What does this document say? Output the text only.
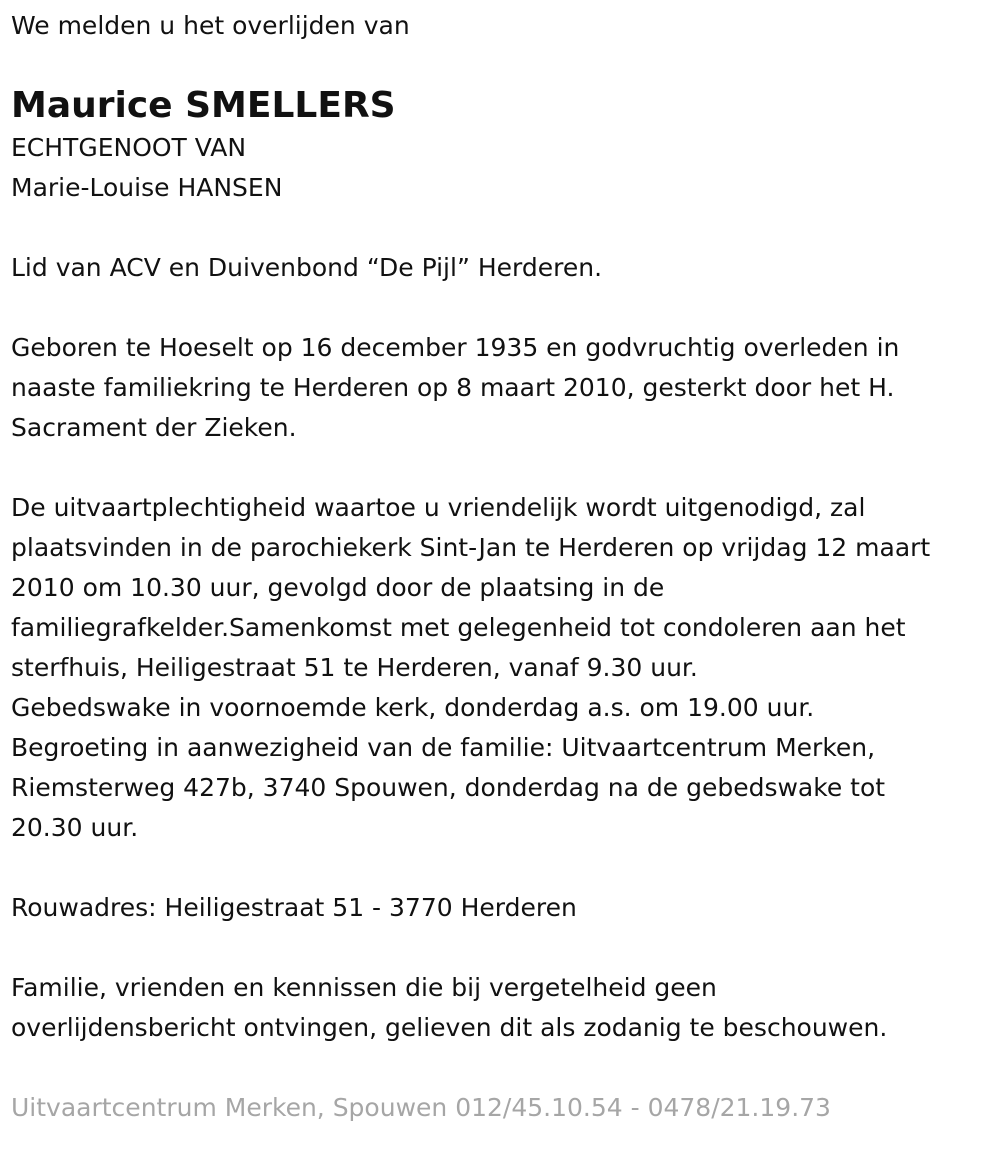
We melden u het overlijden van
Maurice SMELLERS
ECHTGENOOT VAN
Marie-Louise HANSEN
Lid van ACV en Duivenbond “De Pijl” Herderen.
Geboren te Hoeselt op 16 december 1935 en godvruchtig overleden in
naaste familiekring te Herderen op 8 maart 2010, gesterkt door het H.
Sacrament der Zieken.
De uitvaartplechtigheid waartoe u vriendelijk wordt uitgenodigd, zal
plaatsvinden in de parochiekerk Sint-Jan te Herderen op vrijdag 12 maart
2010 om 10.30 uur, gevolgd door de plaatsing in de
familiegrafkelder.Samenkomst met gelegenheid tot condoleren aan het
sterfhuis, Heiligestraat 51 te Herderen, vanaf 9.30 uur.
Gebedswake in voornoemde kerk, donderdag a.s. om 19.00 uur.
Begroeting in aanwezigheid van de familie: Uitvaartcentrum Merken,
Riemsterweg 427b, 3740 Spouwen, donderdag na de gebedswake tot
20.30 uur.
Rouwadres: Heiligestraat 51 - 3770 Herderen
Familie, vrienden en kennissen die bij vergetelheid geen
overlijdensbericht ontvingen, gelieven dit als zodanig te beschouwen.
Uitvaartcentrum Merken, Spouwen 012/45.10.54 - 0478/21.19.73
